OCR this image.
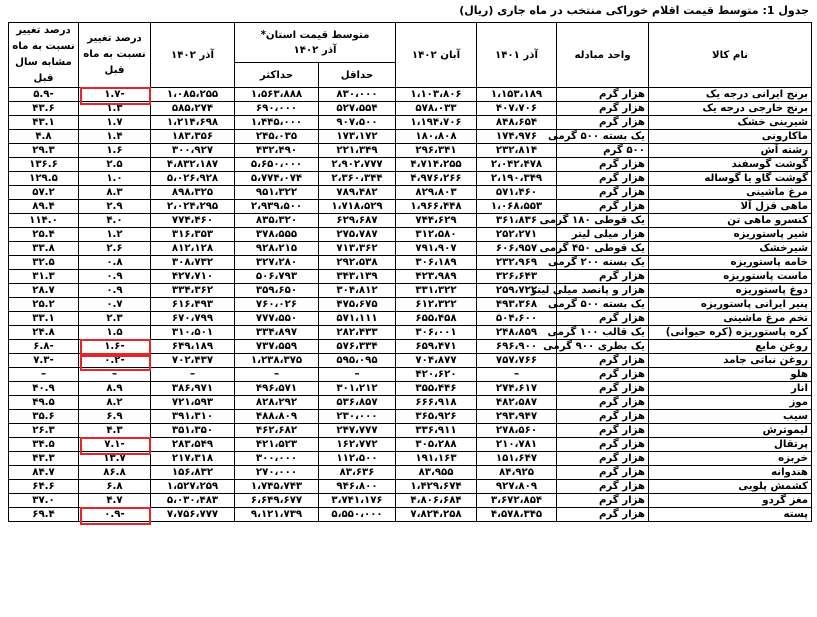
جدول 1: متوسط قیمت اقلام خوراکی منتخب در ماه جاری (ریال)
نام کالا	واحد مبادله	آذر ۱۴۰۱	آبان ۱۴۰۲	متوسط قیمت استان*
آذر ۱۴۰۲		آذر ۱۴۰۲	درصد تغییر نسبت به ماه قبل	درصد تغییر نسبت به ماه مشابه سال قبل
				حداقل	حداکثر			
برنج ایرانی درجه یک	هزار گرم	۱،۱۵۳،۱۸۹	۱،۱۰۳،۸۰۶	۸۳۰،۰۰۰	۱،۵۶۳،۸۸۸	۱،۰۸۵،۲۵۵	-۱.۷	-۵.۹
برنج خارجی درجه یک	هزار گرم	۴۰۷،۷۰۶	۵۷۸،۰۳۳	۵۲۷،۵۵۴	۶۹۰،۰۰۰	۵۸۵،۲۷۴	۱.۳	۴۳.۶
شیرینی خشک	هزار گرم	۸۴۸،۶۵۴	۱،۱۹۴،۷۰۶	۹۰۷،۵۰۰	۱،۴۴۵،۰۰۰	۱،۲۱۴،۶۹۸	۱.۷	۴۳.۱
ماکارونی	یک بسته ۵۰۰ گرمی	۱۷۴،۹۷۶	۱۸۰،۸۰۸	۱۷۳،۱۷۲	۲۴۵،۰۳۵	۱۸۳،۳۵۶	۱.۴	۴.۸
رشته آش	۵۰۰ گرم	۲۳۲،۸۱۴	۲۹۶،۳۴۱	۲۲۱،۳۴۹	۴۳۲،۴۹۰	۳۰۰،۹۲۷	۱.۶	۲۹.۳
گوشت گوسفند	هزار گرم	۲،۰۴۲،۴۷۸	۴،۷۱۴،۲۵۵	۲،۹۰۲،۷۷۷	۵،۶۵۰،۰۰۰	۴،۸۳۲،۱۸۷	۲.۵	۱۳۶.۶
گوشت گاو یا گوساله	هزار گرم	۲،۱۹۰،۳۴۹	۴،۹۷۶،۲۶۶	۲،۳۶۰،۳۴۴	۵،۷۷۴،۰۷۴	۵،۰۲۶،۹۲۸	۱.۰	۱۲۹.۵
مرغ ماشینی	هزار گرم	۵۷۱،۴۶۰	۸۲۹،۸۰۳	۷۸۹،۴۸۲	۹۵۱،۳۲۲	۸۹۸،۳۲۵	۸.۳	۵۷.۲
ماهی قزل آلا	هزار گرم	۱،۰۶۸،۵۵۳	۱،۹۶۶،۴۴۸	۱،۷۱۸،۵۲۹	۲،۹۳۹،۵۰۰	۲،۰۲۴،۲۹۵	۲.۹	۸۹.۴
کنسرو ماهی تن	یک قوطی ۱۸۰ گرمی	۳۶۱،۸۳۶	۷۴۴،۶۲۹	۶۲۹،۶۸۷	۸۳۵،۳۲۰	۷۷۴،۴۶۰	۴.۰	۱۱۴.۰
شیر پاستوریزه	هزار میلی لیتر	۲۵۲،۲۷۱	۳۱۲،۵۸۰	۲۷۵،۷۸۷	۳۷۸،۵۵۵	۳۱۶،۳۵۳	۱.۲	۲۵.۴
شیرخشک	یک قوطی ۴۵۰ گرمی	۶۰۶،۹۵۷	۷۹۱،۹۰۷	۷۱۳،۳۶۲	۹۲۸،۲۱۵	۸۱۲،۱۲۸	۲.۶	۳۳.۸
خامه پاستوریزه	یک بسته ۲۰۰ گرمی	۲۳۲،۹۶۹	۳۰۶،۱۸۹	۲۹۲،۵۳۸	۳۲۷،۲۸۰	۳۰۸،۷۳۲	۰.۸	۳۲.۵
ماست پاستوریزه	هزار گرم	۳۲۶،۶۴۳	۴۲۳،۹۸۹	۳۴۳،۱۳۹	۵۰۶،۷۹۳	۴۲۷،۷۱۰	۰.۹	۳۱.۳
دوغ پاستوریزه	هزار و پانصد میلی لیتر	۲۵۹،۷۲۲	۳۳۱،۳۲۲	۳۰۴،۸۱۲	۳۵۹،۶۵۰	۳۳۴،۳۶۲	۰.۹	۲۸.۷
پنیر ایرانی پاستوریزه	یک بسته ۵۰۰ گرمی	۴۹۳،۳۶۸	۶۱۲،۳۲۲	۴۷۵،۶۷۵	۷۶۰،۰۲۶	۶۱۶،۴۹۳	۰.۷	۲۵.۲
تخم مرغ ماشینی	هزار گرم	۵۰۴،۶۰۰	۶۵۵،۴۵۸	۵۷۱،۱۱۱	۷۷۷،۵۵۰	۶۷۰،۷۹۹	۲.۳	۳۳.۱
کره پاستوریزه (کره حیوانی)	یک قالب ۱۰۰ گرمی	۲۴۸،۸۵۹	۳۰۶،۰۰۱	۲۸۲،۴۳۳	۳۳۴،۸۹۷	۳۱۰،۵۰۱	۱.۵	۲۴.۸
روغن مایع	یک بطری ۹۰۰ گرمی	۶۹۶،۹۰۰	۶۵۹،۴۷۱	۵۷۶،۳۳۴	۷۳۷،۵۵۹	۶۴۹،۱۸۹	-۱.۶	-۶.۸
روغن نباتی جامد	هزار گرم	۷۵۷،۷۶۶	۷۰۴،۸۷۷	۵۹۵،۰۹۵	۱،۲۳۸،۳۷۵	۷۰۲،۴۳۷	-۰.۲	-۷.۳
هلو	هزار گرم	–	۴۲۰،۶۲۰	–	–	–	–	–
انار	هزار گرم	۲۷۴،۶۱۷	۳۵۵،۴۴۶	۳۰۱،۲۱۲	۴۹۶،۵۷۱	۳۸۶،۹۷۱	۸.۹	۴۰.۹
موز	هزار گرم	۴۸۲،۵۸۷	۶۶۶،۹۱۸	۵۳۶،۸۵۷	۸۲۸،۲۹۲	۷۲۱،۵۹۳	۸.۲	۴۹.۵
سیب	هزار گرم	۲۹۳،۹۴۷	۳۶۵،۹۲۶	۲۳۰،۰۰۰	۴۸۸،۸۰۹	۳۹۱،۳۱۰	۶.۹	۳۵.۶
لیموترش	هزار گرم	۲۷۸،۵۶۰	۳۳۶،۹۱۱	۲۴۷،۷۷۷	۴۶۲،۶۸۲	۳۵۱،۳۵۰	۴.۳	۲۶.۳
پرتقال	هزار گرم	۲۱۰،۷۸۱	۳۰۵،۲۸۸	۱۶۲،۷۷۲	۴۲۱،۵۲۳	۲۸۳،۵۴۹	-۷.۱	۳۴.۵
خربزه	هزار گرم	۱۵۱،۶۴۷	۱۹۱،۱۶۳	۱۱۲،۵۰۰	۳۰۰،۰۰۰	۲۱۷،۳۱۸	۱۳.۷	۴۳.۳
هندوانه	هزار گرم	۸۴،۹۲۵	۸۳،۹۵۵	۸۳،۶۳۶	۲۷۰،۰۰۰	۱۵۶،۸۳۲	۸۶.۸	۸۴.۷
کشمش پلویی	هزار گرم	۹۲۷،۸۰۹	۱،۴۲۹،۶۷۴	۹۴۶،۸۰۰	۱،۷۴۵،۷۴۳	۱،۵۲۷،۲۵۹	۶.۸	۶۴.۶
مغز گردو	هزار گرم	۳،۶۷۲،۸۵۴	۴،۸۰۶،۶۸۴	۳،۷۴۱،۱۷۶	۶،۶۴۹،۶۷۷	۵،۰۳۰،۴۸۳	۴.۷	۳۷.۰
پسته	هزار گرم	۴،۵۷۸،۳۴۵	۷،۸۲۴،۲۵۸	۵،۵۵۰،۰۰۰	۹،۱۲۱،۷۳۹	۷،۷۵۶،۷۷۷	-۰.۹	۶۹.۴
